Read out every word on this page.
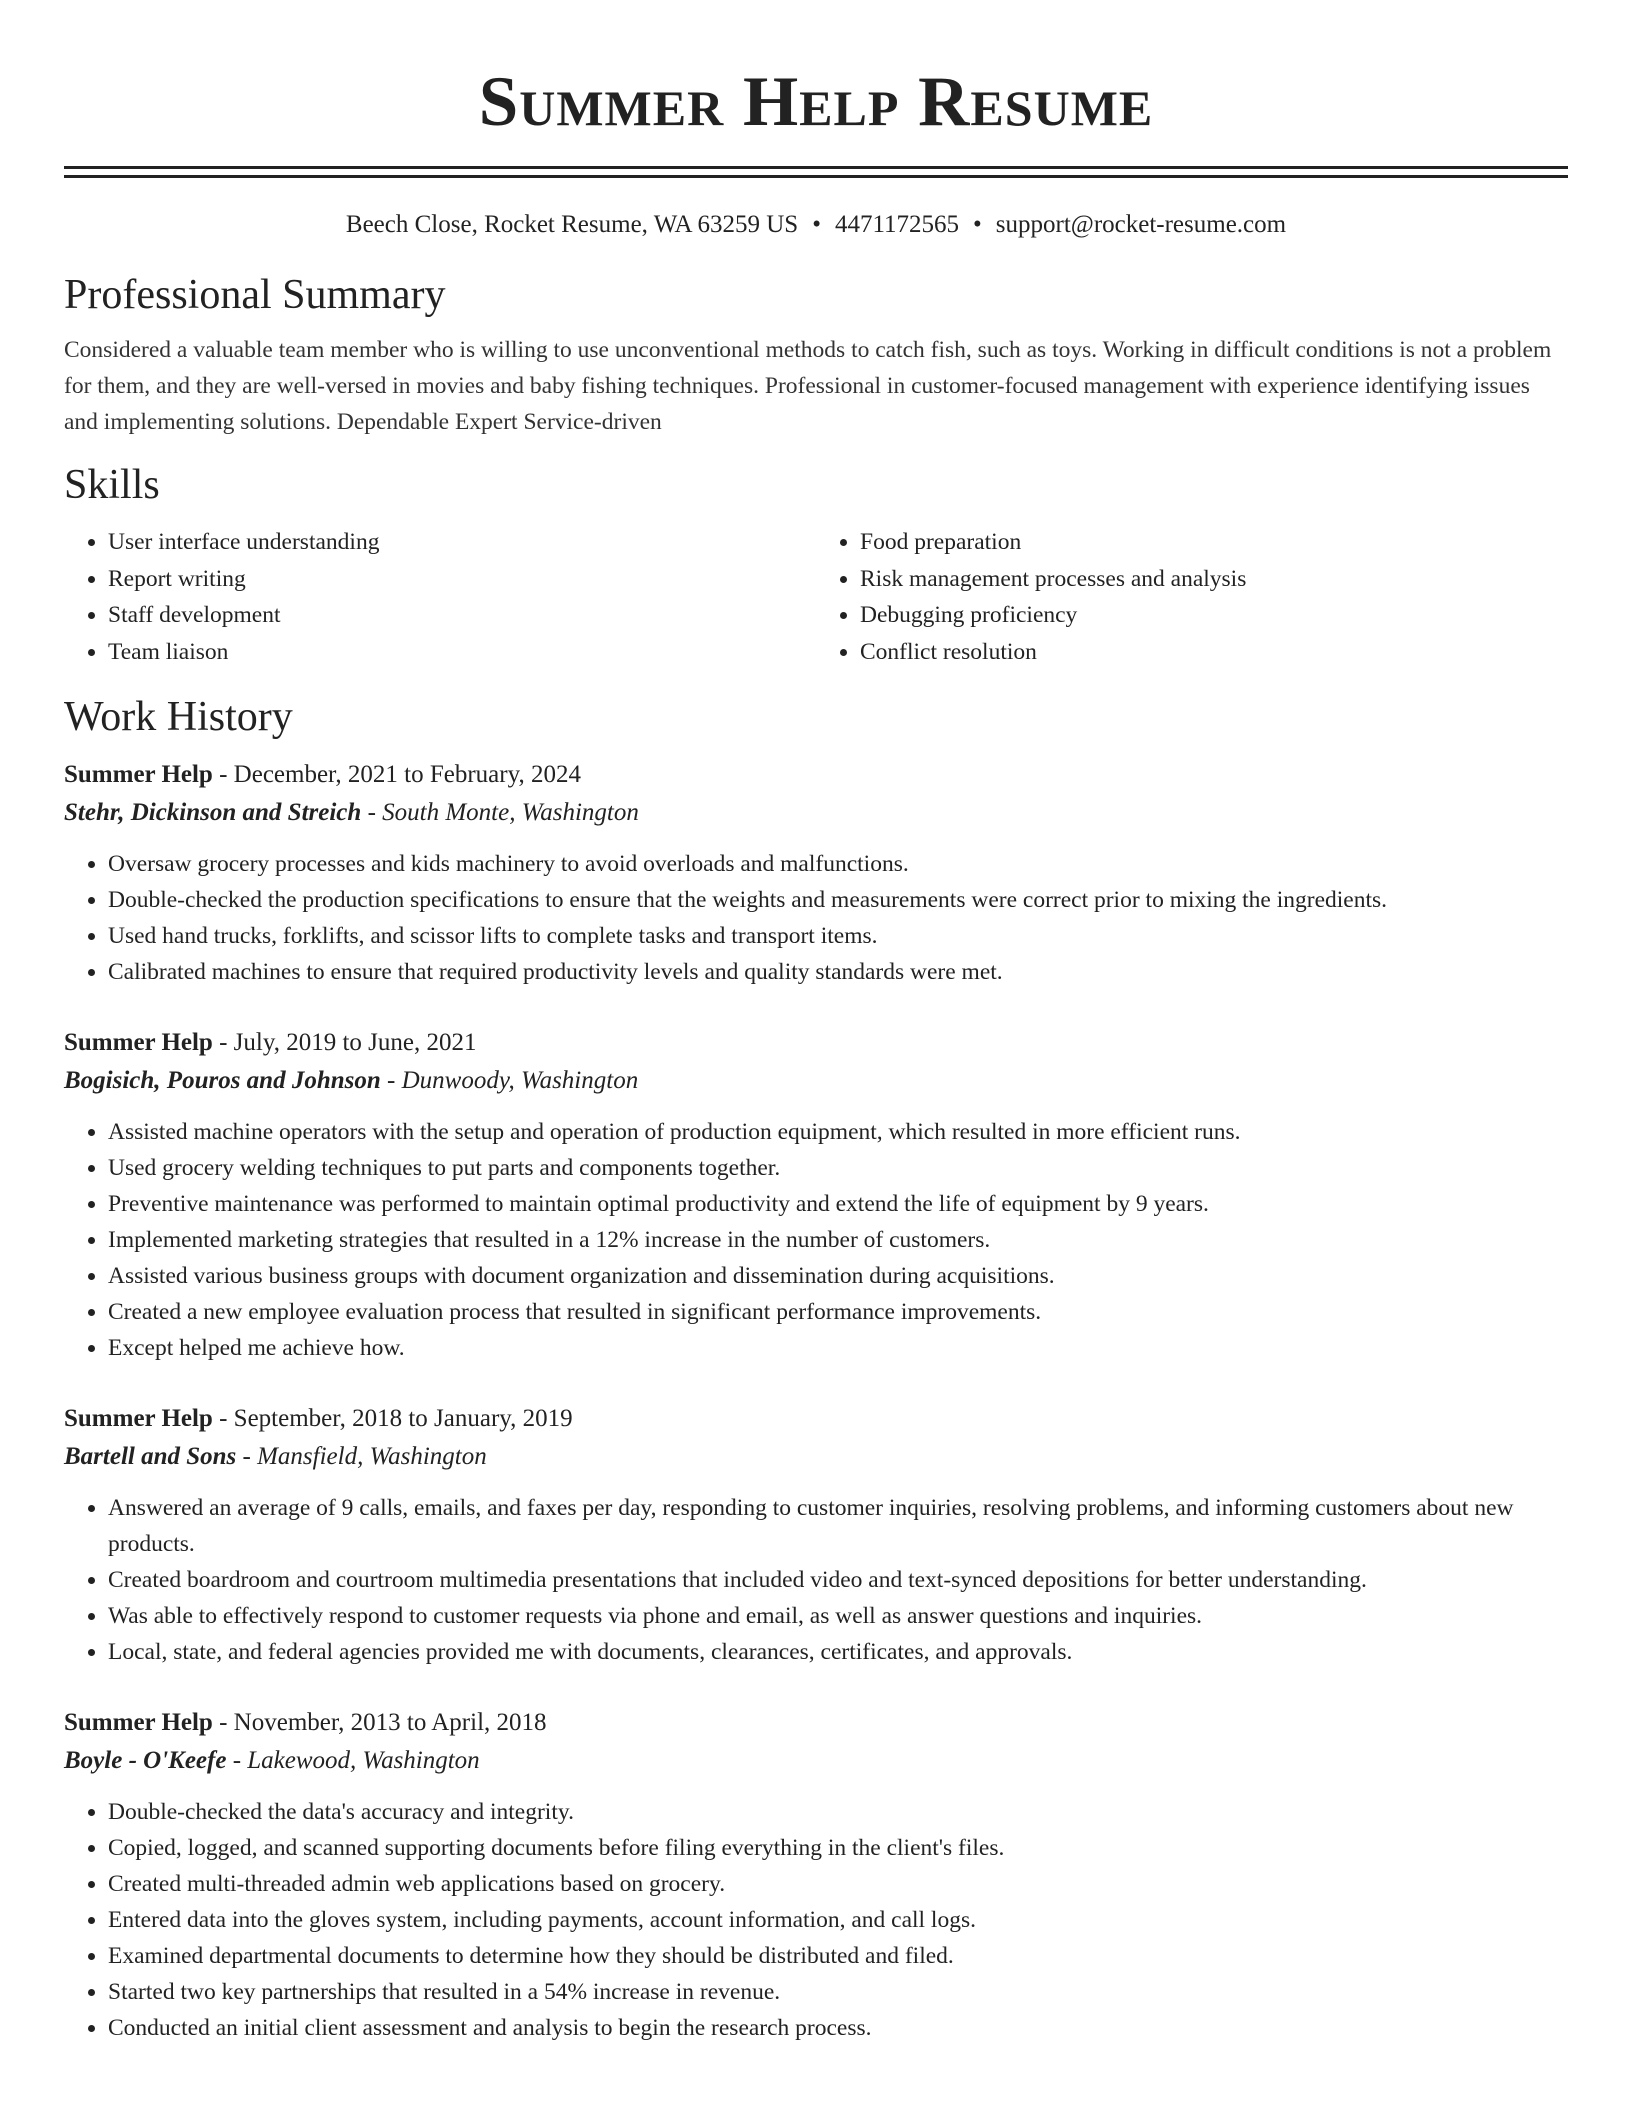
Summer Help Resume
Beech Close, Rocket Resume, WA 63259 US • 4471172565 • support@rocket-resume.com
Professional Summary
Considered a valuable team member who is willing to use unconventional methods to catch fish, such as toys. Working in difficult conditions is not a problem for them, and they are well-versed in movies and baby fishing techniques. Professional in customer-focused management with experience identifying issues and implementing solutions. Dependable Expert Service-driven
Skills
• User interface understanding
• Report writing
• Staff development
• Team liaison
• Food preparation
• Risk management processes and analysis
• Debugging proficiency
• Conflict resolution
Work History
Summer Help - December, 2021 to February, 2024
Stehr, Dickinson and Streich - South Monte, Washington
• Oversaw grocery processes and kids machinery to avoid overloads and malfunctions.
• Double-checked the production specifications to ensure that the weights and measurements were correct prior to mixing the ingredients.
• Used hand trucks, forklifts, and scissor lifts to complete tasks and transport items.
• Calibrated machines to ensure that required productivity levels and quality standards were met.
Summer Help - July, 2019 to June, 2021
Bogisich, Pouros and Johnson - Dunwoody, Washington
• Assisted machine operators with the setup and operation of production equipment, which resulted in more efficient runs.
• Used grocery welding techniques to put parts and components together.
• Preventive maintenance was performed to maintain optimal productivity and extend the life of equipment by 9 years.
• Implemented marketing strategies that resulted in a 12% increase in the number of customers.
• Assisted various business groups with document organization and dissemination during acquisitions.
• Created a new employee evaluation process that resulted in significant performance improvements.
• Except helped me achieve how.
Summer Help - September, 2018 to January, 2019
Bartell and Sons - Mansfield, Washington
• Answered an average of 9 calls, emails, and faxes per day, responding to customer inquiries, resolving problems, and informing customers about new products.
• Created boardroom and courtroom multimedia presentations that included video and text-synced depositions for better understanding.
• Was able to effectively respond to customer requests via phone and email, as well as answer questions and inquiries.
• Local, state, and federal agencies provided me with documents, clearances, certificates, and approvals.
Summer Help - November, 2013 to April, 2018
Boyle - O'Keefe - Lakewood, Washington
• Double-checked the data's accuracy and integrity.
• Copied, logged, and scanned supporting documents before filing everything in the client's files.
• Created multi-threaded admin web applications based on grocery.
• Entered data into the gloves system, including payments, account information, and call logs.
• Examined departmental documents to determine how they should be distributed and filed.
• Started two key partnerships that resulted in a 54% increase in revenue.
• Conducted an initial client assessment and analysis to begin the research process.
